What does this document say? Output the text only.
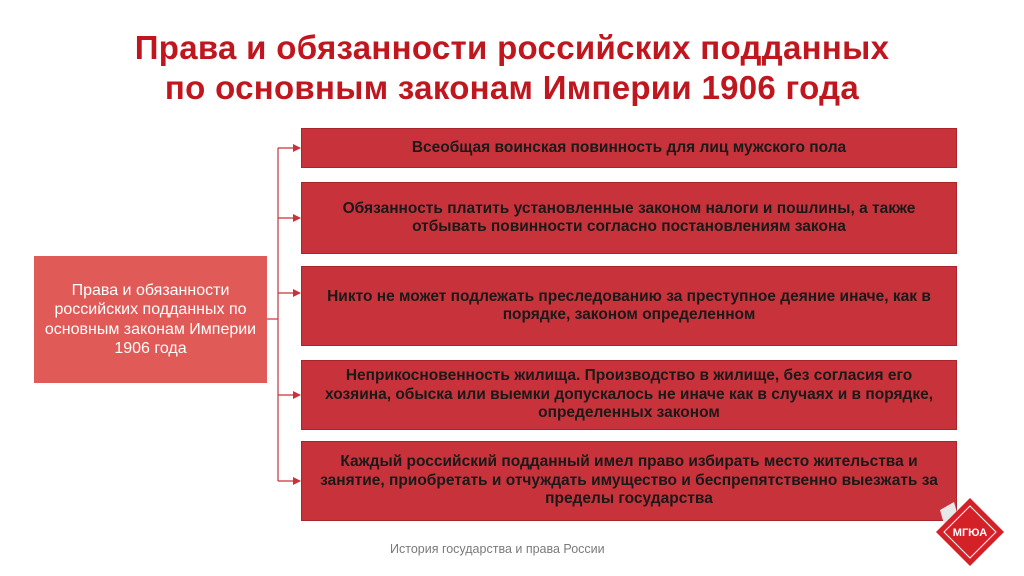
Права и обязанности российских подданных
по основным законам Империи 1906 года
Права и обязанности российских подданных по основным законам Империи 1906 года
Всеобщая воинская повинность для лиц мужского пола
Обязанность платить установленные законом налоги и пошлины, а также отбывать повинности согласно постановлениям закона
Никто не может подлежать преследованию за преступное деяние иначе, как в порядке, законом определенном
Неприкосновенность жилища. Производство в жилище, без согласия его хозяина, обыска или выемки допускалось не иначе как в случаях и в порядке, определенных законом
Каждый российский подданный имел право избирать место жительства и занятие, приобретать и отчуждать имущество и беспрепятственно выезжать за пределы государства
История государства и права России
МГЮА
